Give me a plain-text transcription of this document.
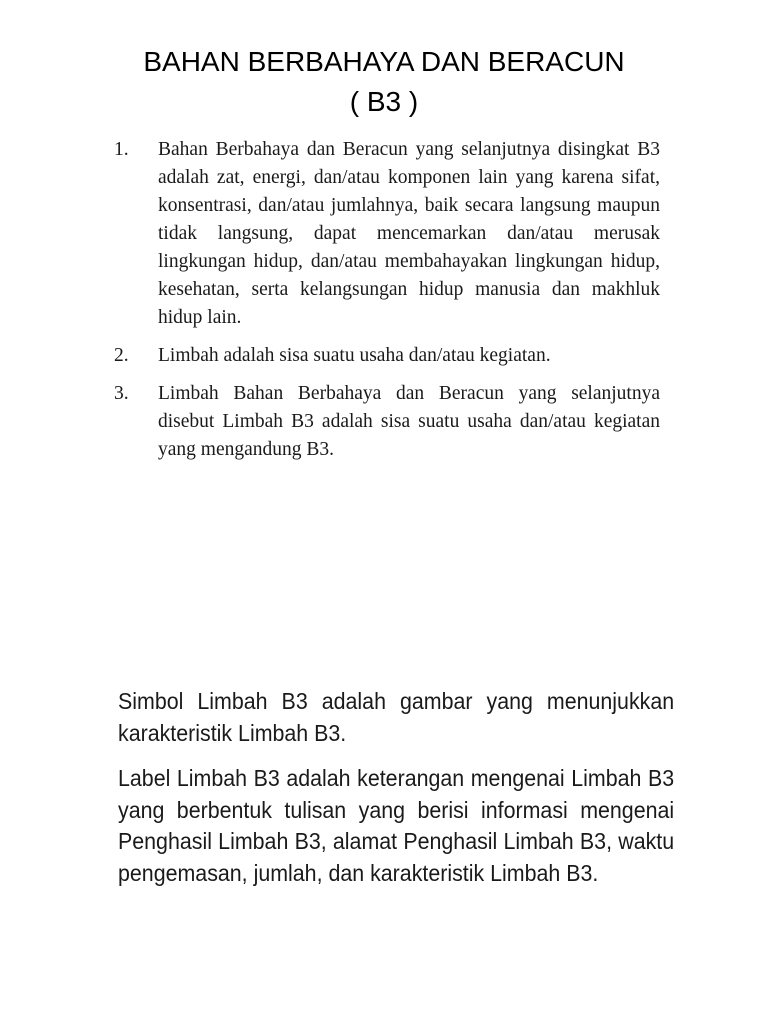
BAHAN BERBAHAYA DAN BERACUN
( B3 )
1.	Bahan Berbahaya dan Beracun yang selanjutnya disingkat B3 adalah zat, energi, dan/atau komponen lain yang karena sifat, konsentrasi, dan/atau jumlahnya, baik secara langsung maupun tidak langsung, dapat mencemarkan dan/atau merusak lingkungan hidup, dan/atau membahayakan lingkungan hidup, kesehatan, serta kelangsungan hidup manusia dan makhluk hidup lain.
2.	Limbah adalah sisa suatu usaha dan/atau kegiatan.
3.	Limbah Bahan Berbahaya dan Beracun yang selanjutnya disebut Limbah B3 adalah sisa suatu usaha dan/atau kegiatan yang mengandung B3.

Simbol Limbah B3 adalah gambar yang menunjukkan karakteristik Limbah B3.

Label Limbah B3 adalah keterangan mengenai Limbah B3 yang berbentuk tulisan yang berisi informasi mengenai Penghasil Limbah B3, alamat Penghasil Limbah B3, waktu pengemasan, jumlah, dan karakteristik Limbah B3.
